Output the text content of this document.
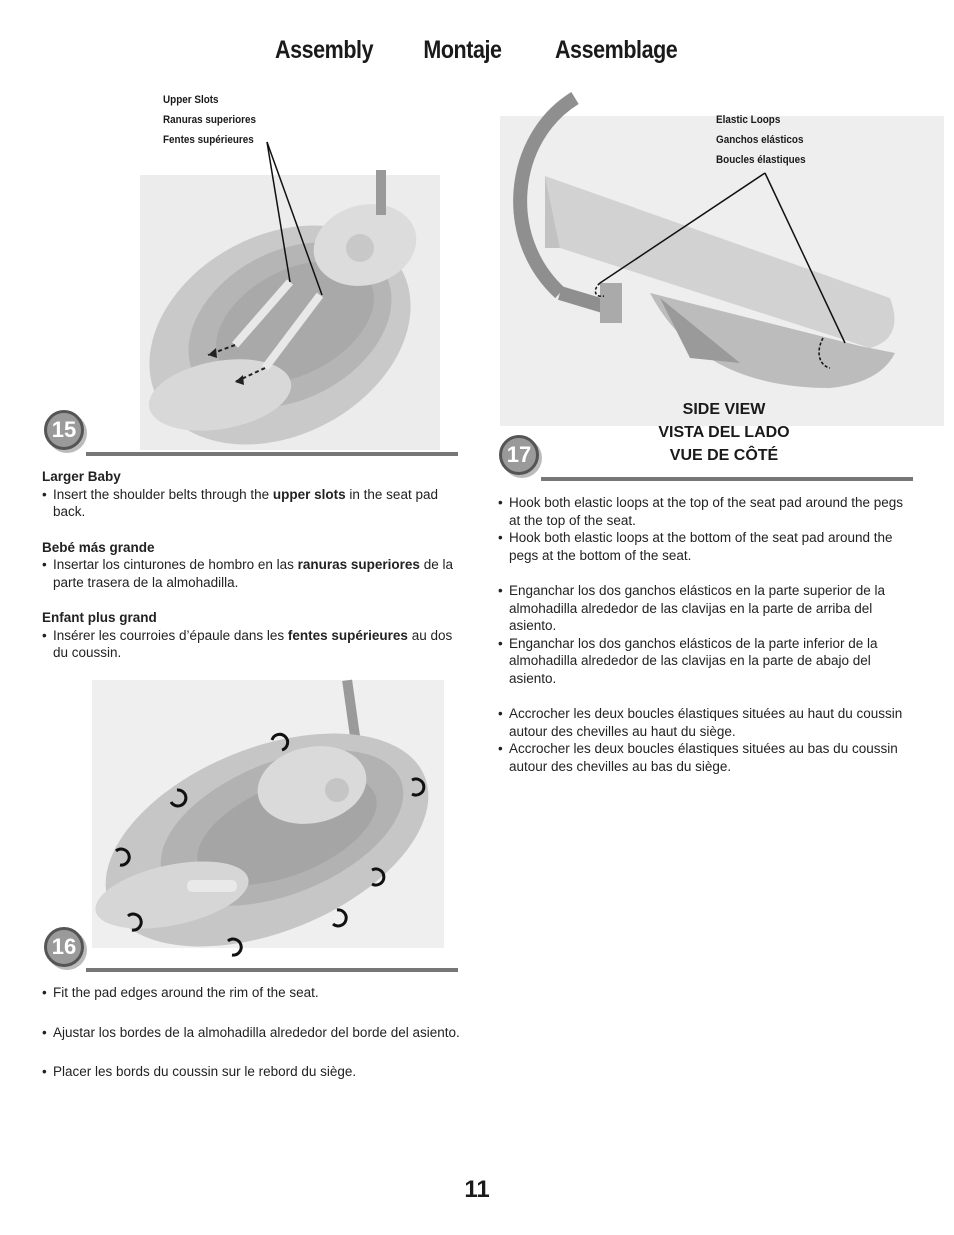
Assembly Montaje Assemblage
Upper Slots
Ranuras superiores
Fentes supérieures
15
Larger Baby
• Insert the shoulder belts through the upper slots in the seat pad back.
Bebé más grande
• Insertar los cinturones de hombro en las ranuras superiores de la parte trasera de la almohadilla.
Enfant plus grand
• Insérer les courroies d’épaule dans les fentes supérieures au dos du coussin.
16
• Fit the pad edges around the rim of the seat.
• Ajustar los bordes de la almohadilla alrededor del borde del asiento.
• Placer les bords du coussin sur le rebord du siège.
Elastic Loops
Ganchos elásticos
Boucles élastiques
SIDE VIEW
VISTA DEL LADO
VUE DE CÔTÉ
17
• Hook both elastic loops at the top of the seat pad around the pegs at the top of the seat.
• Hook both elastic loops at the bottom of the seat pad around the pegs at the bottom of the seat.
• Enganchar los dos ganchos elásticos en la parte superior de la almohadilla alrededor de las clavijas en la parte de arriba del asiento.
• Enganchar los dos ganchos elásticos de la parte inferior de la almohadilla alrededor de las clavijas en la parte de abajo del asiento.
• Accrocher les deux boucles élastiques situées au haut du coussin autour des chevilles au haut du siège.
• Accrocher les deux boucles élastiques situées au bas du coussin autour des chevilles au bas du siège.
11
